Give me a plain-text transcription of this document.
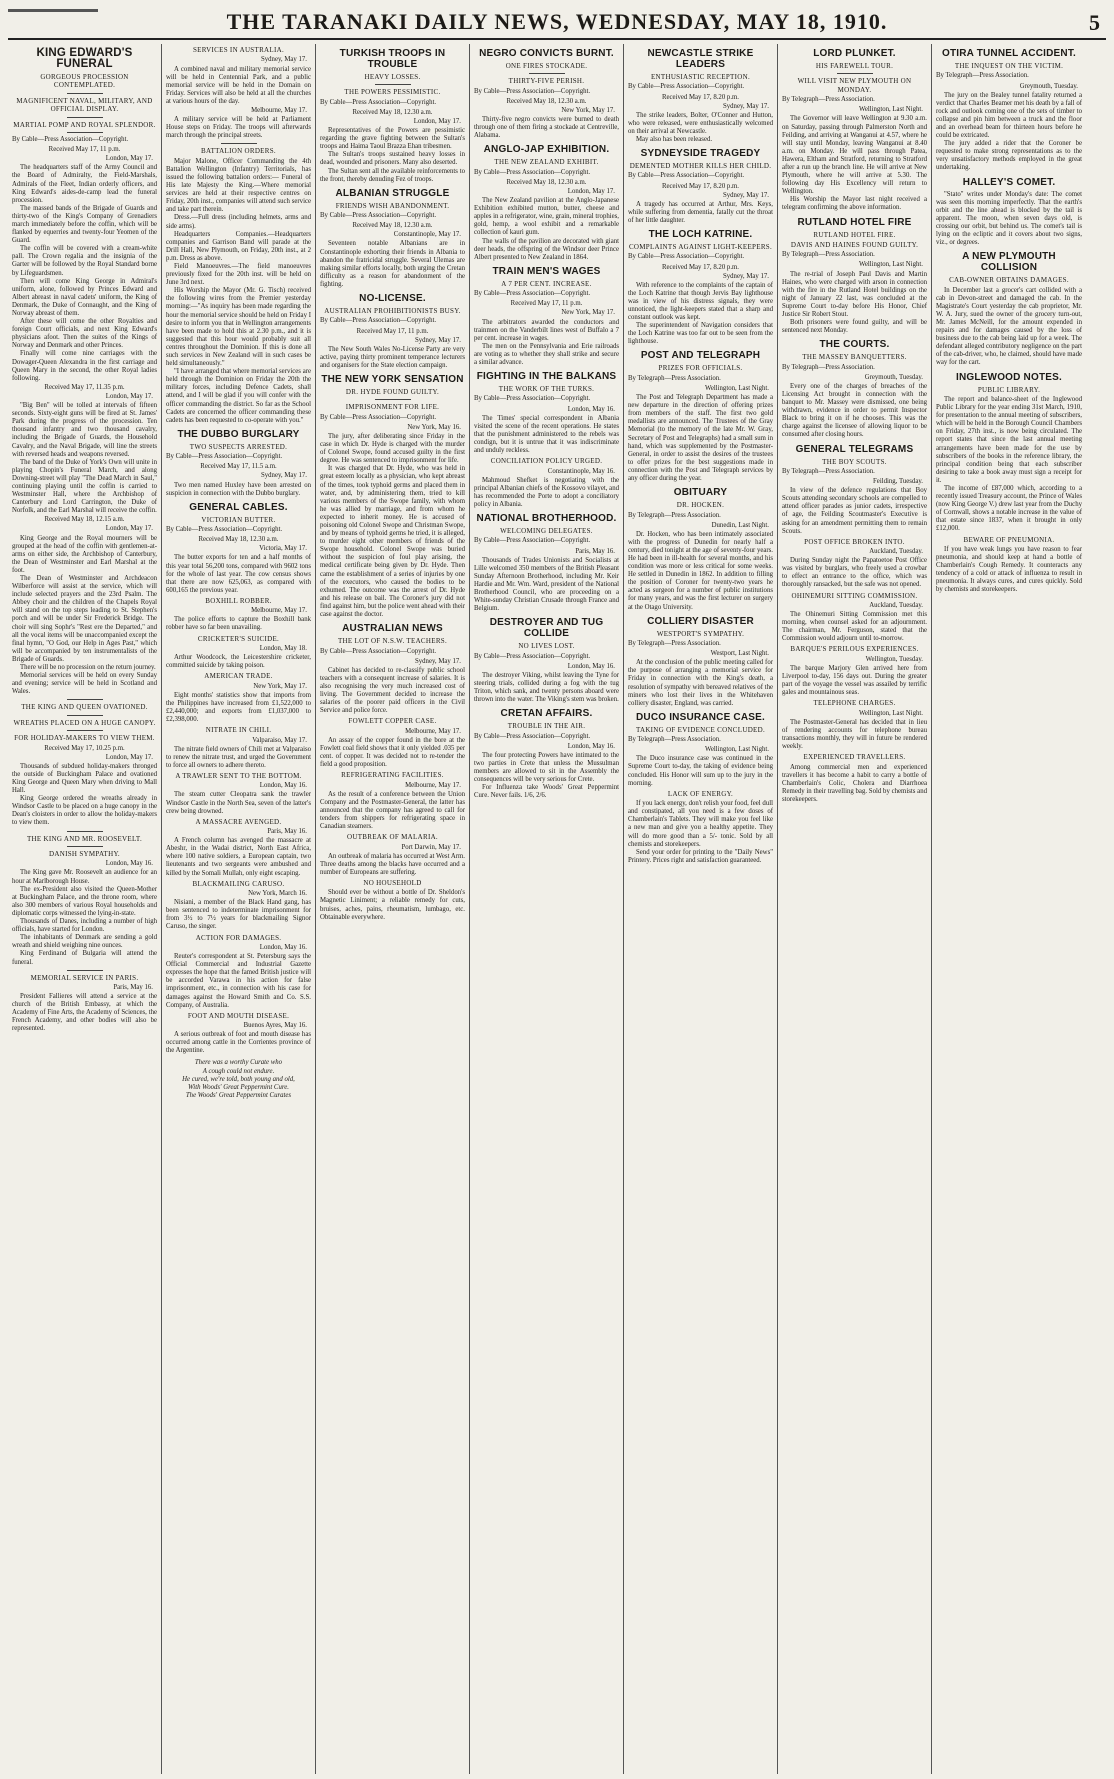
THE TARANAKI DAILY NEWS, WEDNESDAY, MAY 18, 1910.	5
KING EDWARD'S FUNERAL
GORGEOUS PROCESSION CONTEMPLATED.
MAGNIFICENT NAVAL, MILITARY, AND OFFICIAL DISPLAY.
MARTIAL POMP AND ROYAL SPLENDOR.
By Cable—Press Association—Copyright.
Received May 17, 11 p.m.
London, May 17.

The headquarters staff of the Army Council and the Board of Admiralty, the Field-Marshals, Admirals of the Fleet, Indian orderly officers, and King Edward's aides-de-camp lead the funeral procession.

The massed bands of the Brigade of Guards and thirty-two of the King's Company of Grenadiers march immediately before the coffin, which will be flanked by equerries and twenty-four Yeomen of the Guard.

The coffin will be covered with a cream-white pall. The Crown regalia and the insignia of the Garter will be followed by the Royal Standard borne by Lifeguardsmen.

Then will come King George in Admiral's uniform, alone, followed by Princes Edward and Albert abreast in naval cadets' uniform, the King of Denmark, the Duke of Connaught, and the King of Norway abreast of them.

After these will come the other Royalties and foreign Court officials, and next King Edward's physicians afoot. Then the suites of the Kings of Norway and Denmark and other Princes.

Finally will come nine carriages with the Dowager-Queen Alexandra in the first carriage and Queen Mary in the second, the other Royal ladies following.

Received May 17, 11.35 p.m.
London, May 17.

"Big Ben" will be tolled at intervals of fifteen seconds. Sixty-eight guns will be fired at St. James' Park during the progress of the procession. Ten thousand infantry and two thousand cavalry, including the Brigade of Guards, the Household Cavalry, and the Naval Brigade, will line the streets with reversed heads and weapons reversed.

The band of the Duke of York's Own will unite in playing Chopin's Funeral March, and along Downing-street will play "The Dead March in Saul," continuing playing until the coffin is carried to Westminster Hall, where the Archbishop of Canterbury and Lord Carrington, the Duke of Norfolk, and the Earl Marshal will receive the coffin.

Received May 18, 12.15 a.m.
London, May 17.

King George and the Royal mourners will be grouped at the head of the coffin with gentlemen-at-arms on either side, the Archbishop of Canterbury, the Dean of Westminster and Earl Marshal at the foot.

The Dean of Westminster and Archdeacon Wilberforce will assist at the service, which will include selected prayers and the 23rd Psalm. The Abbey choir and the children of the Chapels Royal will stand on the top steps leading to St. Stephen's porch and will be under Sir Frederick Bridge. The choir will sing Sophr's "Rest ere the Departed," and all the vocal items will be unaccompanied except the final hymn, "O God, our Help in Ages Past," which will be accompanied by ten instrumentalists of the Brigade of Guards.

There will be no procession on the return journey.

Memorial services will be held on every Sunday and evening; service will be held in Scotland and Wales.

THE KING AND QUEEN OVATIONED.
WREATHS PLACED ON A HUGE CANOPY.
FOR HOLIDAY-MAKERS TO VIEW THEM.
Received May 17, 10.25 p.m.
London, May 17.

Thousands of subdued holiday-makers thronged the outside of Buckingham Palace and ovationed King George and Queen Mary when driving to Mall Hall.

King George ordered the wreaths already in Windsor Castle to be placed on a huge canopy in the Dean's cloisters in order to allow the holiday-makers to view them.

THE KING AND MR. ROOSEVELT.
DANISH SYMPATHY.
London, May 16.

The King gave Mr. Roosevelt an audience for an hour at Marlborough House.

The ex-President also visited the Queen-Mother at Buckingham Palace, and the throne room, where also 300 members of various Royal households and diplomatic corps witnessed the lying-in-state.

Thousands of Danes, including a number of high officials, have started for London.

The inhabitants of Denmark are sending a gold wreath and shield weighing nine ounces.

King Ferdinand of Bulgaria will attend the funeral.

MEMORIAL SERVICE IN PARIS.
Paris, May 16.

President Fallieres will attend a service at the church of the British Embassy, at which the Academy of Fine Arts, the Academy of Sciences, the French Academy, and other bodies will also be represented.

SERVICES IN AUSTRALIA.
Sydney, May 17.

A combined naval and military memorial service will be held in Centennial Park, and a public memorial service will be held in the Domain on Friday. Services will also be held at all the churches at various hours of the day.

Melbourne, May 17.

A military service will be held at Parliament House steps on Friday. The troops will afterwards march through the principal streets.

BATTALION ORDERS.

Major Malone, Officer Commanding the 4th Battalion Wellington (Infantry) Territorials, has issued the following battalion orders:— Funeral of His late Majesty the King.—Where memorial services are held at their respective centres on Friday, 20th inst., companies will attend such service and take part therein.

Dress.—Full dress (including helmets, arms and side arms).

Headquarters Companies.—Headquarters companies and Garrison Band will parade at the Drill Hall, New Plymouth, on Friday, 20th inst., at 2 p.m. Dress as above.

Field Manoeuvres.—The field manoeuvres previously fixed for the 20th inst. will be held on June 3rd next.

His Worship the Mayor (Mr. G. Tisch) received the following wires from the Premier yesterday morning:—"As inquiry has been made regarding the hour the memorial service should be held on Friday I desire to inform you that in Wellington arrangements have been made to hold this at 2.30 p.m., and it is suggested that this hour would probably suit all centres throughout the Dominion. If this is done all such services in New Zealand will in such cases be held simultaneously."

"I have arranged that where memorial services are held through the Dominion on Friday the 20th the military forces, including Defence Cadets, shall attend, and I will be glad if you will confer with the officer commanding the district. So far as the School Cadets are concerned the officer commanding these cadets has been requested to co-operate with you."

THE DUBBO BURGLARY
TWO SUSPECTS ARRESTED.
By Cable—Press Association—Copyright.
Received May 17, 11.5 a.m.
Sydney, May 17.

Two men named Huxley have been arrested on suspicion in connection with the Dubbo burglary.

GENERAL CABLES.
VICTORIAN BUTTER.
By Cable—Press Association—Copyright.
Received May 18, 12.30 a.m.
Victoria, May 17.

The butter exports for ten and a half months of this year total 56,200 tons, compared with 9602 tons for the whole of last year. The cow census shows that there are now 625,063, as compared with 600,165 the previous year.

BOXHILL ROBBER.
Melbourne, May 17.

The police efforts to capture the Boxhill bank robber have so far been unavailing.

CRICKETER'S SUICIDE.
London, May 18.

Arthur Woodcock, the Leicestershire cricketer, committed suicide by taking poison.

AMERICAN TRADE.
New York, May 17.

Eight months' statistics show that imports from the Philippines have increased from £1,522,000 to £2,440,000; and exports from £1,037,000 to £2,398,000.

NITRATE IN CHILI.
Valparaiso, May 17.

The nitrate field owners of Chili met at Valparaiso to renew the nitrate trust, and urged the Government to force all owners to adhere thereto.

A TRAWLER SENT TO THE BOTTOM.
London, May 16.

The steam cutter Cleopatra sank the trawler Windsor Castle in the North Sea, seven of the latter's crew being drowned.

A MASSACRE AVENGED.
Paris, May 16.

A French column has avenged the massacre at Abeshr, in the Wadai district, North East Africa, where 100 native soldiers, a European captain, two lieutenants and two sergeants were ambushed and killed by the Somali Mullah, only eight escaping.

BLACKMAILING CARUSO.
New York, March 16.

Nisiani, a member of the Black Hand gang, has been sentenced to indeterminate imprisonment for from 3½ to 7½ years for blackmailing Signor Caruso, the singer.

ACTION FOR DAMAGES.
London, May 16.

Reuter's correspondent at St. Petersburg says the Official Commercial and Industrial Gazette expresses the hope that the famed British justice will be accorded Varawa in his action for false imprisonment, etc., in connection with his case for damages against the Howard Smith and Co. S.S. Company, of Australia.

FOOT AND MOUTH DISEASE.
Buenos Ayres, May 16.

A serious outbreak of foot and mouth disease has occurred among cattle in the Corrientes province of the Argentine.

There was a worthy Curate who
A cough could not endure.
He cured, we're told, both young and old,
With Woods' Great Peppermint Cure.
The Woods' Great Peppermint Curates
TURKISH TROOPS IN TROUBLE
HEAVY LOSSES.
THE POWERS PESSIMISTIC.
By Cable—Press Association—Copyright.
Received May 18, 12.30 a.m.
London, May 17.

Representatives of the Powers are pessimistic regarding the grave fighting between the Sultan's troops and Haima Taoul Brazza Ehan tribesmen.

The Sultan's troops sustained heavy losses in dead, wounded and prisoners. Many also deserted.

The Sultan sent all the available reinforcements to the front, thereby denuding Fez of troops.

ALBANIAN STRUGGLE
FRIENDS WISH ABANDONMENT.
By Cable—Press Association—Copyright.
Received May 18, 12.30 a.m.
Constantinople, May 17.

Seventeen notable Albanians are in Constantinople exhorting their friends in Albania to abandon the fratricidal struggle. Several Ulemas are making similar efforts locally, both urging the Cretan difficulty as a reason for abandonment of the fighting.

NO-LICENSE.
AUSTRALIAN PROHIBITIONISTS BUSY.
By Cable—Press Association—Copyright.
Received May 17, 11 p.m.
Sydney, May 17.

The New South Wales No-License Party are very active, paying thirty prominent temperance lecturers and organisers for the State election campaign.

THE NEW YORK SENSATION
DR. HYDE FOUND GUILTY.
IMPRISONMENT FOR LIFE.
By Cable—Press Association—Copyright.
New York, May 16.

The jury, after deliberating since Friday in the case in which Dr. Hyde is charged with the murder of Colonel Swope, found accused guilty in the first degree. He was sentenced to imprisonment for life.

It was charged that Dr. Hyde, who was held in great esteem locally as a physician, who kept abreast of the times, took typhoid germs and placed them in water, and, by administering them, tried to kill various members of the Swope family, with whom he was allied by marriage, and from whom he expected to inherit money. He is accused of poisoning old Colonel Swope and Christman Swope, and by means of typhoid germs he tried, it is alleged, to murder eight other members of friends of the Swope household. Colonel Swope was buried without the suspicion of foul play arising, the medical certificate being given by Dr. Hyde. Then came the establishment of a series of injuries by one of the executors, who caused the bodies to be exhumed. The outcome was the arrest of Dr. Hyde and his release on bail. The Coroner's jury did not find against him, but the police went ahead with their case against the doctor.

AUSTRALIAN NEWS
THE LOT OF N.S.W. TEACHERS.
By Cable—Press Association—Copyright.
Sydney, May 17.

Cabinet has decided to re-classify public school teachers with a consequent increase of salaries. It is also recognising the very much increased cost of living. The Government decided to increase the salaries of the poorer paid officers in the Civil Service and police force.

FOWLETT COPPER CASE.
Melbourne, May 17.

An assay of the copper found in the bore at the Fowlett coal field shows that it only yielded .035 per cent. of copper. It was decided not to re-tender the field a good proposition.

REFRIGERATING FACILITIES.
Melbourne, May 17.

As the result of a conference between the Union Company and the Postmaster-General, the latter has announced that the company has agreed to call for tenders from shippers for refrigerating space in Canadian steamers.

OUTBREAK OF MALARIA.
Port Darwin, May 17.

An outbreak of malaria has occurred at West Arm. Three deaths among the blacks have occurred and a number of Europeans are suffering.

NO HOUSEHOLD

Should ever be without a bottle of Dr. Sheldon's Magnetic Liniment; a reliable remedy for cuts, bruises, aches, pains, rheumatism, lumbago, etc. Obtainable everywhere.

NEGRO CONVICTS BURNT.
ONE FIRES STOCKADE.
THIRTY-FIVE PERISH.
By Cable—Press Association—Copyright.
Received May 18, 12.30 a.m.
New York, May 17.

Thirty-five negro convicts were burned to death through one of them firing a stockade at Centreville, Alabama.

ANGLO-JAP EXHIBITION.
THE NEW ZEALAND EXHIBIT.
By Cable—Press Association—Copyright.
Received May 18, 12.30 a.m.
London, May 17.

The New Zealand pavilion at the Anglo-Japanese Exhibition exhibited mutton, butter, cheese and apples in a refrigerator, wine, grain, mineral trophies, gold, hemp, a wool exhibit and a remarkable collection of kauri gum.

The walls of the pavilion are decorated with giant deer heads, the offspring of the Windsor deer Prince Albert presented to New Zealand in 1864.

TRAIN MEN'S WAGES
A 7 PER CENT. INCREASE.
By Cable—Press Association—Copyright.
Received May 17, 11 p.m.
New York, May 17.

The arbitrators awarded the conductors and trainmen on the Vanderbilt lines west of Buffalo a 7 per cent. increase in wages.

The men on the Pennsylvania and Erie railroads are voting as to whether they shall strike and secure a similar advance.

FIGHTING IN THE BALKANS
THE WORK OF THE TURKS.
By Cable—Press Association—Copyright.
London, May 16.

The Times' special correspondent in Albania visited the scene of the recent operations. He states that the punishment administered to the rebels was condign, but it is untrue that it was indiscriminate and unduly reckless.

CONCILIATION POLICY URGED.
Constantinople, May 16.

Mahmoud Shefket is negotiating with the principal Albanian chiefs of the Kossovo vilayet, and has recommended the Porte to adopt a conciliatory policy in Albania.

NATIONAL BROTHERHOOD.
WELCOMING DELEGATES.
By Cable—Press Association—Copyright.
Paris, May 16.

Thousands of Trades Unionists and Socialists at Lille welcomed 350 members of the British Pleasant Sunday Afternoon Brotherhood, including Mr. Keir Hardie and Mr. Wm. Ward, president of the National Brotherhood Council, who are proceeding on a White-sunday Christian Crusade through France and Belgium.

DESTROYER AND TUG COLLIDE
NO LIVES LOST.
By Cable—Press Association—Copyright.
London, May 16.

The destroyer Viking, whilst leaving the Tyne for steering trials, collided during a fog with the tug Triton, which sank, and twenty persons aboard were thrown into the water. The Viking's stem was broken.

CRETAN AFFAIRS.
TROUBLE IN THE AIR.
By Cable—Press Association—Copyright.
London, May 16.

The four protecting Powers have intimated to the two parties in Crete that unless the Mussulman members are allowed to sit in the Assembly the consequences will be very serious for Crete.

For Influenza take Woods' Great Peppermint Cure. Never fails. 1/6, 2/6.

NEWCASTLE STRIKE LEADERS
ENTHUSIASTIC RECEPTION.
By Cable—Press Association—Copyright.
Received May 17, 8.20 p.m.
Sydney, May 17.

The strike leaders, Bolter, O'Conner and Hutton, who were released, were enthusiastically welcomed on their arrival at Newcastle.

May also has been released.

SYDNEYSIDE TRAGEDY
DEMENTED MOTHER KILLS HER CHILD.
By Cable—Press Association—Copyright.
Received May 17, 8.20 p.m.
Sydney, May 17.

A tragedy has occurred at Arthur, Mrs. Keys, while suffering from dementia, fatally cut the throat of her little daughter.

THE LOCH KATRINE.
COMPLAINTS AGAINST LIGHT-KEEPERS.
By Cable—Press Association—Copyright.
Received May 17, 8.20 p.m.
Sydney, May 17.

With reference to the complaints of the captain of the Loch Katrine that though Jervis Bay lighthouse was in view of his distress signals, they were unnoticed, the light-keepers stated that a sharp and constant outlook was kept.

The superintendent of Navigation considers that the Loch Katrine was too far out to be seen from the lighthouse.

POST AND TELEGRAPH
PRIZES FOR OFFICIALS.
By Telegraph—Press Association.
Wellington, Last Night.

The Post and Telegraph Department has made a new departure in the direction of offering prizes from members of the staff. The first two gold medallists are announced. The Trustees of the Gray Memorial (to the memory of the late Mr. W. Gray, Secretary of Post and Telegraphs) had a small sum in hand, which was supplemented by the Postmaster-General, in order to assist the desires of the trustees to offer prizes for the best suggestions made in connection with the Post and Telegraph services by any officer during the year.

OBITUARY
DR. HOCKEN.
By Telegraph—Press Association.
Dunedin, Last Night.

Dr. Hocken, who has been intimately associated with the progress of Dunedin for nearly half a century, died tonight at the age of seventy-four years. He had been in ill-health for several months, and his condition was more or less critical for some weeks. He settled in Dunedin in 1862. In addition to filling the position of Coroner for twenty-two years he acted as surgeon for a number of public institutions for many years, and was the first lecturer on surgery at the Otago University.

COLLIERY DISASTER
WESTPORT'S SYMPATHY.
By Telegraph—Press Association.
Westport, Last Night.

At the conclusion of the public meeting called for the purpose of arranging a memorial service for Friday in connection with the King's death, a resolution of sympathy with bereaved relatives of the miners who lost their lives in the Whitehaven colliery disaster, England, was carried.

DUCO INSURANCE CASE.
TAKING OF EVIDENCE CONCLUDED.
By Telegraph—Press Association.
Wellington, Last Night.

The Duco insurance case was continued in the Supreme Court to-day, the taking of evidence being concluded. His Honor will sum up to the jury in the morning.

LACK OF ENERGY.

If you lack energy, don't relish your food, feel dull and constipated, all you need is a few doses of Chamberlain's Tablets. They will make you feel like a new man and give you a healthy appetite. They will do more good than a 5/- tonic. Sold by all chemists and storekeepers.

Send your order for printing to the "Daily News" Printery. Prices right and satisfaction guaranteed.

LORD PLUNKET.
HIS FAREWELL TOUR.
WILL VISIT NEW PLYMOUTH ON MONDAY.
By Telegraph—Press Association.
Wellington, Last Night.

The Governor will leave Wellington at 9.30 a.m. on Saturday, passing through Palmerston North and Feilding, and arriving at Wanganui at 4.57, where he will stay until Monday, leaving Wanganui at 8.40 a.m. on Monday. He will pass through Patea, Hawera, Eltham and Stratford, returning to Stratford after a run up the branch line. He will arrive at New Plymouth, where he will arrive at 5.30. The following day His Excellency will return to Wellington.

His Worship the Mayor last night received a telegram confirming the above information.

RUTLAND HOTEL FIRE
RUTLAND HOTEL FIRE.
DAVIS AND HAINES FOUND GUILTY.
By Telegraph—Press Association.
Wellington, Last Night.

The re-trial of Joseph Paul Davis and Martin Haines, who were charged with arson in connection with the fire in the Rutland Hotel buildings on the night of January 22 last, was concluded at the Supreme Court to-day before His Honor, Chief Justice Sir Robert Stout.

Both prisoners were found guilty, and will be sentenced next Monday.

THE COURTS.
THE MASSEY BANQUETTERS.
By Telegraph—Press Association.
Greymouth, Tuesday.

Every one of the charges of breaches of the Licensing Act brought in connection with the banquet to Mr. Massey were dismissed, one being withdrawn, evidence in order to permit Inspector Black to bring it on if he chooses. This was the charge against the licensee of allowing liquor to be consumed after closing hours.

GENERAL TELEGRAMS
THE BOY SCOUTS.
By Telegraph—Press Association.
Feilding, Tuesday.

In view of the defence regulations that Boy Scouts attending secondary schools are compelled to attend officer parades as junior cadets, irrespective of age, the Feilding Scoutmaster's Executive is asking for an amendment permitting them to remain Scouts.

POST OFFICE BROKEN INTO.
Auckland, Tuesday.

During Sunday night the Papatoetoe Post Office was visited by burglars, who freely used a crowbar to effect an entrance to the office, which was thoroughly ransacked, but the safe was not opened.

OHINEMURI SITTING COMMISSION.
Auckland, Tuesday.

The Ohinemuri Sitting Commission met this morning, when counsel asked for an adjournment. The chairman, Mr. Ferguson, stated that the Commission would adjourn until to-morrow.

BARQUE'S PERILOUS EXPERIENCES.
Wellington, Tuesday.

The barque Marjory Glen arrived here from Liverpool to-day, 156 days out. During the greater part of the voyage the vessel was assailed by terrific gales and mountainous seas.

TELEPHONE CHARGES.
Wellington, Last Night.

The Postmaster-General has decided that in lieu of rendering accounts for telephone bureau transactions monthly, they will in future be rendered weekly.

EXPERIENCED TRAVELLERS.

Among commercial men and experienced travellers it has become a habit to carry a bottle of Chamberlain's Colic, Cholera and Diarrhoea Remedy in their travelling bag. Sold by chemists and storekeepers.

OTIRA TUNNEL ACCIDENT.
THE INQUEST ON THE VICTIM.
By Telegraph—Press Association.
Greymouth, Tuesday.

The jury on the Bealey tunnel fatality returned a verdict that Charles Beamer met his death by a fall of rock and outlook coming one of the sets of timber to collapse and pin him between a truck and the floor and an overhead beam for thirteen hours before he could be extricated.

The jury added a rider that the Coroner be requested to make strong representations as to the very unsatisfactory methods employed in the great undertaking.

HALLEY'S COMET.

"Stato" writes under Monday's date: The comet was seen this morning imperfectly. That the earth's orbit and the line ahead is blocked by the tail is apparent. The moon, when seven days old, is crossing our orbit, but behind us. The comet's tail is lying on the ecliptic and it covers about two signs, viz., or degrees.

A NEW PLYMOUTH COLLISION
CAB-OWNER OBTAINS DAMAGES.

In December last a grocer's cart collided with a cab in Devon-street and damaged the cab. In the Magistrate's Court yesterday the cab proprietor, Mr. W. A. Jury, sued the owner of the grocery turn-out, Mr. James McNeill, for the amount expended in repairs and for damages caused by the loss of business due to the cab being laid up for a week. The defendant alleged contributory negligence on the part of the cab-driver, who, he claimed, should have made way for the cart.

INGLEWOOD NOTES.
PUBLIC LIBRARY.

The report and balance-sheet of the Inglewood Public Library for the year ending 31st March, 1910, for presentation to the annual meeting of subscribers, which will be held in the Borough Council Chambers on Friday, 27th inst., is now being circulated. The report states that since the last annual meeting arrangements have been made for the use by subscribers of the books in the reference library, the principal condition being that each subscriber desiring to take a book away must sign a receipt for it.

The income of £87,000 which, according to a recently issued Treasury account, the Prince of Wales (now King George V.) drew last year from the Duchy of Cornwall, shows a notable increase in the value of that estate since 1837, when it brought in only £12,000.

BEWARE OF PNEUMONIA.

If you have weak lungs you have reason to fear pneumonia, and should keep at hand a bottle of Chamberlain's Cough Remedy. It counteracts any tendency of a cold or attack of influenza to result in pneumonia. It always cures, and cures quickly. Sold by chemists and storekeepers.
